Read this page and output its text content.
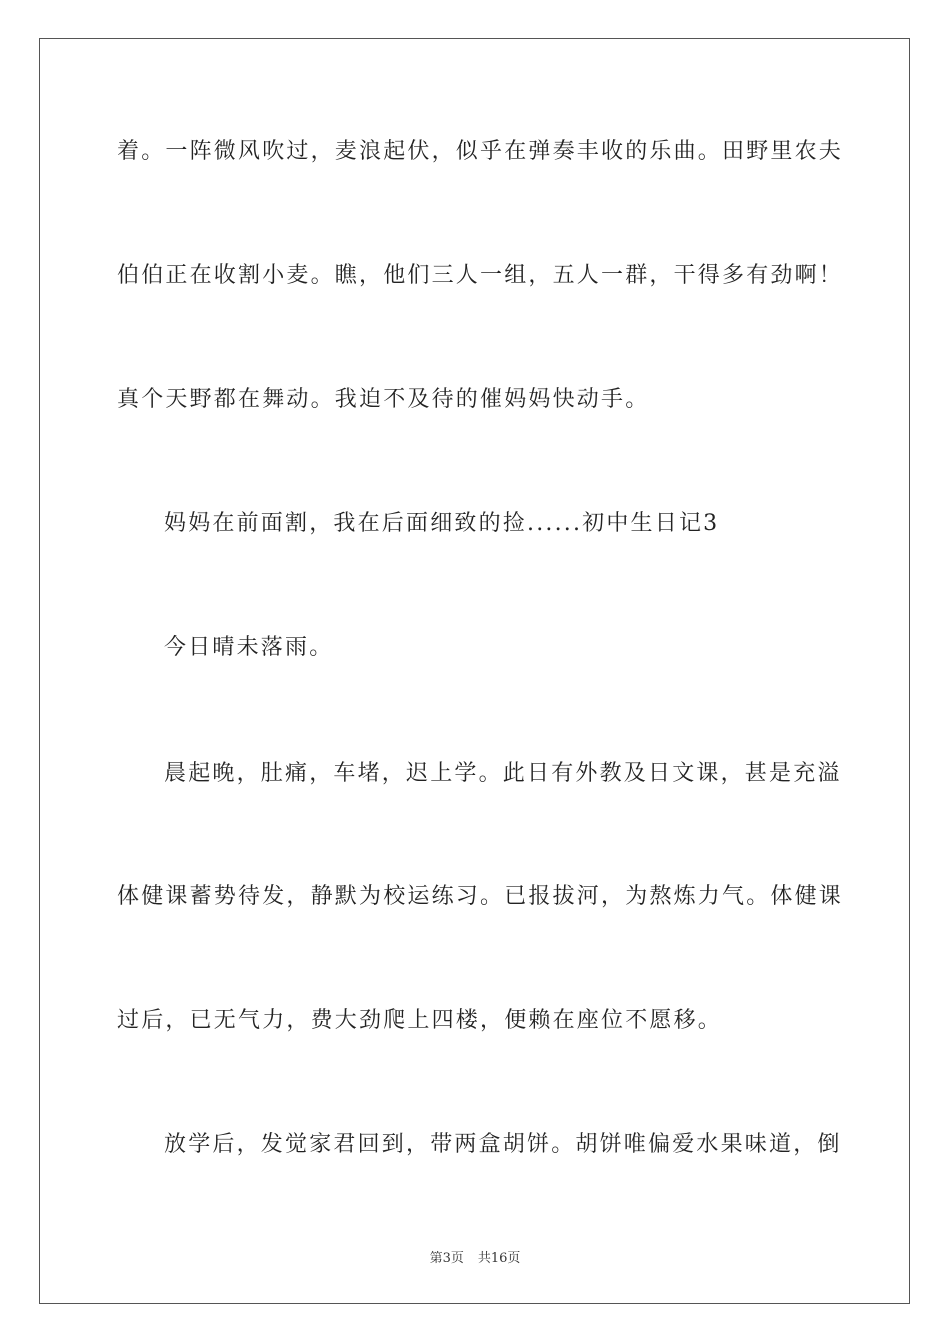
着。一阵微风吹过，麦浪起伏，似乎在弹奏丰收的乐曲。田野里农夫
伯伯正在收割小麦。瞧，他们三人一组，五人一群，干得多有劲啊！
真个天野都在舞动。我迫不及待的催妈妈快动手。
妈妈在前面割，我在后面细致的捡......初中生日记3
今日晴未落雨。
晨起晚，肚痛，车堵，迟上学。此日有外教及日文课，甚是充溢
体健课蓄势待发，静默为校运练习。已报拔河，为熬炼力气。体健课
过后，已无气力，费大劲爬上四楼，便赖在座位不愿移。
放学后，发觉家君回到，带两盒胡饼。胡饼唯偏爱水果味道，倒
第3页 共16页
